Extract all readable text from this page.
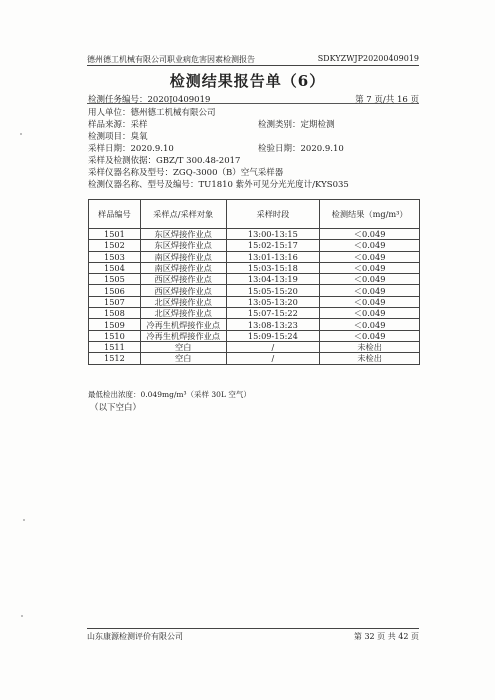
德州德工机械有限公司职业病危害因素检测报告	SDKYZWJP20200409019
检测结果报告单（6）
检测任务编号：2020J0409019	第 7 页/共 16 页
用人单位：德州德工机械有限公司
样品来源：采样	检测类别：定期检测
检测项目：臭氧
采样日期：2020.9.10	检验日期：2020.9.10
采样及检测依据：GBZ/T 300.48-2017
采样仪器名称及型号：ZGQ-3000（B）空气采样器
检测仪器名称、型号及编号：TU1810 紫外可见分光光度计/KYS035
样品编号	采样点/采样对象	采样时段	检测结果（mg/m³）
1501	东区焊接作业点	13:00-13:15	＜0.049
1502	东区焊接作业点	15:02-15:17	＜0.049
1503	南区焊接作业点	13:01-13:16	＜0.049
1504	南区焊接作业点	15:03-15:18	＜0.049
1505	西区焊接作业点	13:04-13:19	＜0.049
1506	西区焊接作业点	15:05-15:20	＜0.049
1507	北区焊接作业点	13:05-13:20	＜0.049
1508	北区焊接作业点	15:07-15:22	＜0.049
1509	冷再生机焊接作业点	13:08-13:23	＜0.049
1510	冷再生机焊接作业点	15:09-15:24	＜0.049
1511	空白	/	未检出
1512	空白	/	未检出
最低检出浓度：0.049mg/m³（采样 30L 空气）
（以下空白）
山东康源检测评价有限公司	第 32 页 共 42 页
